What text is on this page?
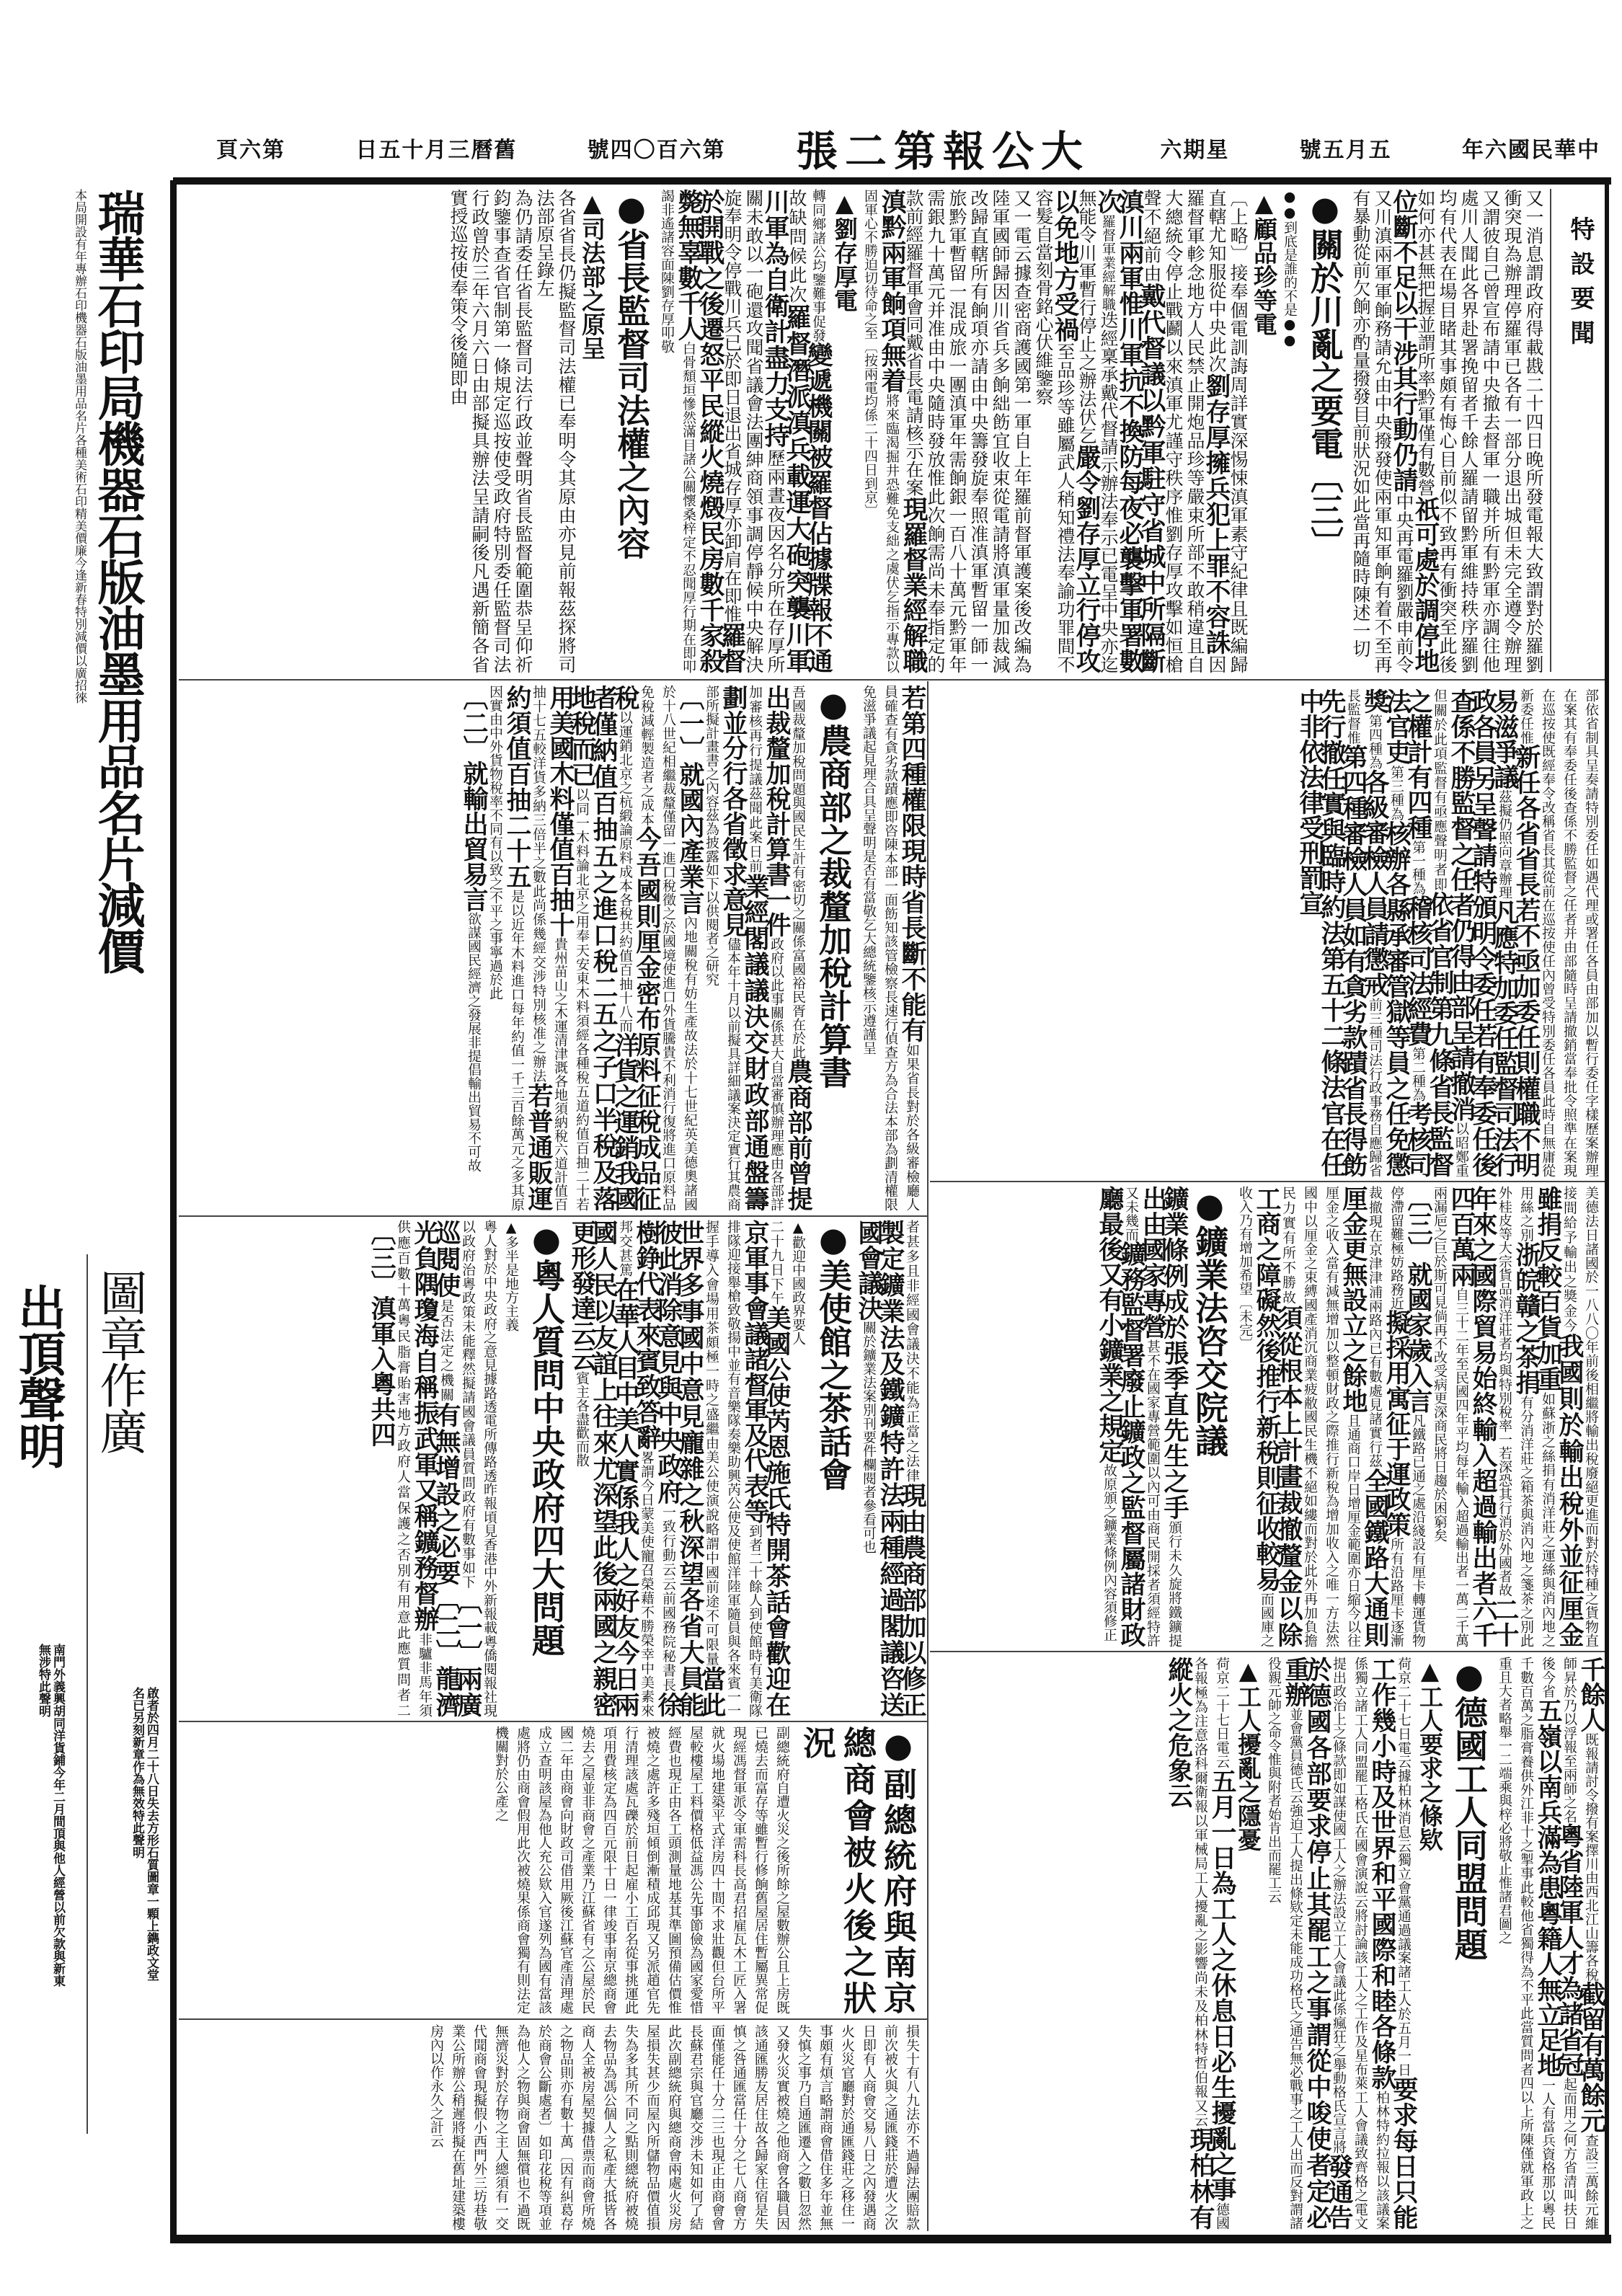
中華民國六年
五月五號
星期六
大公報第二張
第六百〇四號
舊曆三月十五日
第六頁
瑞華石印局機器石版油墨用品名片減價
本局開設有年專辦石印機器石版油墨用品名片各種美術石印精美價廉今逢新春特別減價以廣招徠
圖章作廣
啟者於四月二十八日失去方形石質圖章一顆上鐫政文堂名已另刻新章作為無效特此聲明
出頂聲明
南門外義興胡同洋貨鋪今年二月間頂與他人經營以前欠款與新東無涉特此聲明
特設要聞
又一消息謂政府得載戡二十四日晚所發電報大致謂對於羅劉衝突現為辦理停羅軍已各有一部分退出城但未完全遵令辦理又謂彼自己曾宣布請中央撤去督軍一職并所有黔軍亦調往他處川人聞此各界赴署挽留者千餘人羅請留黔軍維持秩序羅劉均有代表在場目睹其事頗有悔心目前似不致再有衝突至此後如何亦甚無把握並謂所率黔軍僅有數營祇可處於調停地位斷不足以干涉其行動仍請中央再電羅劉嚴申前令又川滇兩軍軍餉務請允由中央撥發使兩軍知軍餉有着不至再有暴動從前欠餉亦酌量撥發目前狀況如此當再隨時陳述一切
●關於川亂之要電〔三〕
●●到底是誰的不是●●
▲顧品珍等電
〔上略〕接奉個電訓誨周詳實深惕悚滇軍素守紀律且既編歸直轄尤知服從中央此次劉存厚擁兵犯上罪不容誅因羅督軍軫念地方人民禁止開炮品珍等嚴束所部不敢稍違且自大總統令停止戰鬬以來滇軍尤謹守秩序惟劉存厚攻擊如恒槍聲不絕前由戴代督議以黔軍駐守省城中所隔斷滇川兩軍惟川軍抗不換防每夜必襲擊軍署數次羅督軍業經解職迭經稟承戴代督請示辦法奉示已電呈中央亦迄無能令川軍暫行停止之辦法伏乞嚴令劉存厚立行停攻以免地方受禍至品珍等雖屬武人稍知禮法奉諭功罪間不容髮自當刻骨銘心伏維鑒察
又一電云據查密商護國第一軍自上年羅前督軍護案後改編為陸軍國師歸因川省兵多餉絀飭宜收束從電請將滇軍量加裁減改歸直轄所有餉項亦請由中央籌發旋奉照准滇軍暫留一師一旅黔軍暫留一混成旅一團滇軍年需餉銀一百八十萬元黔軍年需銀九十萬元并准由中央隨時發放惟此次餉需尚未奉指定的款前經羅督軍會同戴省長電請核示在案現羅督業經解職滇黔兩軍餉項無着將來臨渴掘井恐難免支絀之虞伏乞指示專款以固軍心不勝迫切待命之至〔按兩電均係二十四日到京〕
▲劉存厚電
轉同鄉諸公均鑒難事促發變遞機關被羅督佔據牒報不通故缺問候此次羅督潛派滇兵載運大砲突襲川軍川軍為自衛計盡力支持歷兩晝夜因名分所在存厚所關未敢以一砲還攻聞省議會法團紳商領事調停靜候中央解決旋奉明令停戰川兵已於即日退出省城存厚亦卸肩在即惟羅督於開戰之後遷怒平民縱火燒燬民房數千家殺斃無辜數千人白骨頹垣慘然滿目諸公關懷桑梓定不忍聞厚行期在即叩謁非遙諸容面陳劉存厚叩敬
●省長監督司法權之內容
▲司法部之原呈
各省省長仍擬監督司法權已奉明令其原由亦見前報茲探將司法部原呈錄左
為仍請委任省長監督司法行政並聲明省長監督範圍恭呈仰祈鈞鑒事查省官制第一條規定巡按使受政府特別委任監督司法行政曾於三年六月六日由部擬具辦法呈請嗣後凡遇新簡各省實授巡按使奉策令後隨即由
部依省制具呈奏請特別委任如遇代理或署任各員由部加以暫行委任字樣歷案辦理在案其有奉委任後查係不勝監督之任者并由部隨時呈請撤銷當奉批令照準在案現在巡按使既經奉令改稱省長其從前在巡按使任內曾受特別委任各員此時自無庸從新委任惟新任各省省長若不亟加委任則權職不明易滋爭議茲擬仍照向章辦理凡應特加委任監督司法行政各員另呈聲請特頒明令委任若有奉委任後查係不勝監督之任者仍得由部呈請撤消以昭鄭重但關於此項監督有亟應聲明者即依省官制第九條省長監督之權計有四種第一種為稽核司法經費第二種為考核司法官吏第三種為核辦各縣承審管獄等員之任免懲獎第四種為各級審檢人員請懲戒前三種司法行政事務自應歸省長監督惟第四種審檢人員如有貪劣款蹟省長得飭先行撤任實與臨時約法第五十二條法官在任中非依法律受刑罰宣
美德法日諸國於一八八〇年前後相繼將輸出稅廢絕更進而對於特種之貨物直接間給予輸出之獎金今我國則於輸出稅外並征厘金雖捐反較百貨加重如蘇浙之絲捐有消洋莊之運絲與消內地之用絲之別浙皖贛之茶捐有分消洋莊之箱茶與消內地之箋茶之別此外桂皮等大宗貨品消洋莊者均與特別稅率一若深恐其行消於外國者故二十年來之國際貿易始終輸入超過輸出者六千四百萬兩自三十二年至民國四年平均每年輸入超過輸出者一萬二千萬兩漏巵之巨於斯可見倘再不改受病更深商民將日趨於困窮矣
〔三〕就國家歲入言凡鐵路已通之處沿綫設有厘卡轉運貨物停滯留難極妨路務近擬採用寓征于運政策所有沿路厘卡逐漸裁撤現在京津津浦兩路內已有數處見諸實行茲全國鐵路大通則厘金更無設立之餘地且通商口岸日增厘金範圍亦日縮今以往厘金之收入當有減無增加以整頓財政之際推行新稅為增加收入之唯一方法然國中以厘金之束縛國產消沉商業疲敝國民生機不絕如縷而對於此外再加負擔民力實有所不勝故須從根本上計畫裁撤釐金以除工商之障礙然後推行新稅則征收較易而國庫之收入乃有增加希望〔未完〕
●鑛業法咨交院議
鑛業條例成於張季直先生之手頒行未久旋將鐵鑛提出由國家專營甚不在國家專營範圍以內可由商民開採者須經特許又未幾而鑛務監督署廢止鑛政之監督屬諸財政廳最後又有小鑛業之規定故原頒之鑛業條例內容須修正
千餘人既報請討令撥有案擇川由西北江山籌各稅截留有萬餘元查設三萬餘元維師昇於乃以浮報至兩師之名粵省陸軍人才為諸省冠起而用之何方省清叫扶日後今省五嶺以南兵滿為患粵籍人無立足地一人有當兵資格那以粵民千數百萬之脂膏養供外江非十之掣事此較他省獨得為不平此當質問者四以上所陳僅就軍政上之重且大者略舉一二端乘與梓必將敬止惟諸君圖之
●德國工人同盟問題
▲工人要求之條欵
荷京二十七日電云據柏林消息云獨立會黨通過議案諸工人於五月一日要求每日只能工作幾小時及世界和平國際和睦各條款柏林特約拉報以該議案係獨立諸工人同盟罷工格氏在國會演說云將討論該工人之工作及星布萊工人會議致齊格之電文提出政治上之條款即如謀使國工人之辦法設立工人會議此係瘋狂之舉動格氏宣言將發通告於德國各部要求停止其罷工之事謂從中唆使者定必重辦並會黨員德氏云強迫工人提出條欵定未能成功格氏之通告無必戰事之工人出而反對謂諸役親元帥之命令惟與附者始肯出而罷工云
▲工人擾亂之隱憂
荷京二十七日電云五月一日為工人之休息日必生擾亂之事德國各報極為注意洛科爾衛報以軍械局工人擾亂之影響尚未及柏林特哲伯報又云現柏林有縱火之危象云
若第四種權限現時省長斷不能有如果省長對於各級審檢廳人員確查有貪劣款蹟應即咨陳本部一面飭知該管檢察長速行偵查方為合法本部為劃清權限免滋爭議起見理合具呈聲明是否有當敬乞大總統鑒核示遵謹呈
●農商部之裁釐加稅計算書
吾國裁釐加稅問題與國民生計有密切之關係富國裕民胥在於此農商部前曾提出裁釐加稅計算書一件政府以此事關係甚大自當審慎辦理應由各部詳加審核再行提議茲聞此案日前業經閣議議決交財政部通盤籌劃並分行各省徵求意見儘本年十月以前擬具詳細議案決定實行其農商部所擬計畫書之內容茲為披露如下以供閱者之研究
〔一〕就國內產業言內地關稅有妨生產故法於十七世紀英美德奧諸國於十八世紀相繼裁釐僅留一進口稅徵之於國境使進口外貨騰貴不利消行復將進口原料品免稅減輕製造者之成本今吾國則厘金密布原料征稅成品征稅以運銷北京之杭緞論原料成本各稅共約值百抽十八而洋貨之運銷我國者僅納值百抽五之進口稅二五之子口半稅及落地稅而已以同一木料論北京之用奉天安東木料須經各種稅五道約值百抽二十若用美國木料僅值百抽十貴州苗山之木運清津溉各地須納稅六道計值百抽十七五較洋貨多納三倍半之數此尚係幾經交涉特別核准之辦法若普通販運約須值百抽二十五是以近年木料進口每年約值一千三百餘萬元之多其原因實由中外貨物稅率不同有以致之不平之事寧過於此
〔二〕就輸出貿易言欲謀國民經濟之發展非提倡輸出貿易不可故
者甚多且非經國會議決不能為正當之法律現由農商部加以修正製定鑛業法及鐵鑛特許法兩種經過閣議咨送國會議決關於鑛業法案別刊要件欄閱者參看可也
●美使館之茶話會
▲歡迎中國政界要人
二十九日下午美國公使芮恩施氏特開茶話會歡迎在京軍事會議諸督軍及代表等到者二十餘人到使館時有美衛隊排隊迎接舉槍致敬揚中並有音樂隊奏樂助興芮公使及使館洋陸軍隨員與各來賓一一握手導入會場用茶頗極一時之盛繼由美公使演說略謂中國前途不可限量當此世界多事國中意見龐雜之秋深望各省大員能彼此消除意見與中央政府一致行動云云前國務院秘書長徐樹錚代表來賓致答辭畧謂今日蒙美使寵召榮藉不勝榮幸中美素來邦交甚篤在華人目中美人實係我人之好友今日兩國人民以友誼上往來尤深望此後兩國之親密更形發達云云賓主各盡歡而散
●粵人質問中央政府四大問題
▲多半是地方主義
粵人對於中央政府之意見據路透電所傳路透昨報頃見香港中外新報載粵僑閱報社現以政府治粵政策未能釋然擬請國會議員質問政府有數事如下〔一〕兩廣巡閱使是否法定之機關有無增設之必要〔二〕龍濟光負隅瓊海自稱振武軍又稱鑛務督辦非驢非馬年須供應百數十萬粵民脂膏貽害地方政府人當保護之否別有用意此應質問者二〔三〕滇軍入粵共四
●副總統府與南京總商會被火後之狀況
副總統府自遭火災之後所餘之屋數辦公且上房既已燒去而富存等雖暫行修餉舊屋居住暫屬異常促現經馮督軍派令軍需科長高君招雇瓦木工匠入署就火場地建築平式洋房四十間不求壯觀但台所平屋較樓屋工料價格低益馮公先事節儉為國家愛惜經費也現正由各工頭測量地基其準圖預備估價惟被燒之處許多殘垣傾倒漸積成邱現又另派趙官先行清理該處瓦礫於前日起雇小工百名從事挑運此項用費核定為四百元限十日一律竣事南京總商會燒去之屋並非商會之產業乃江蘇省有之公屋於民國二年由商會向財政司借用厥後江蘇官產清理處成立查明該屋為他人充公欵入官遂列為國有當該處將仍由商會假用此次被燒果係商會獨有則法定機關對於公產之
損失十有八九法亦不過歸法團賠款前次被火與之通匯錢莊於遭火之次日即有人商會交易八日之內發遇商火火災官廳對於通匯錢莊之移住一事頗有煩言略謂商會借住多年並無失慎之事乃自通匯遷入之數日忽然又發火災實被燒之他商會各職員因該通匯勝友居住故各歸家住宿是失慎之咎通匯當任十分之七八商會方面僅能任十分二三也現正由商會會長蘇君宗與官廳交涉未知如何了結此次副總統府與總商會兩處火災房屋損失甚少而屋內所儲物品價值損失為多其所不同之點則總統府被燒去物品為馮公個人之私產大抵皆各商人全被房屋契據借票而商會所燒之物品則亦有數十萬〔因有糾葛存於商會公斷處者〕如印花稅等項並為他人之物與商會固無償也不過既無濟災對於存物之主人總須有一交代聞商會現擬假小西門外三坊巷敬業公所辦公稍遲將擬在舊址建築樓房內以作永久之計云
